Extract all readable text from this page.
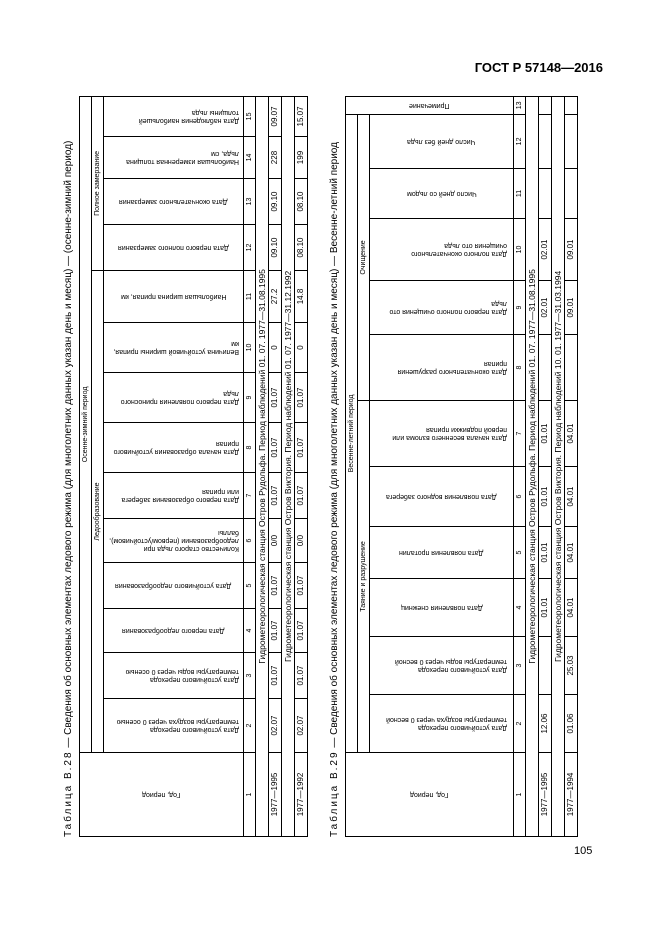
ГОСТ Р 57148—2016
Таблица В.28 — Сведения об основных элементах ледового режима (для многолетних данных указан день и месяц) — (осенне-зимний период)
Год, период	Осенне-зимний период													
	Ледообразование										Полное замерзание			

	Дата устойчивого перехода температуры воздуха через 0 осенью	Дата устойчивого перехода температуры воды через 0 осенью	Дата первого ледообразования	Дата устойчивого ледообразования	Количество старого льда при ледообразовании (первом/устойчивом), баллы	Дата первого образования заберега или припая	Дата начала образования устойчивого припая	Дата первого появления приносного льда	Величина устойчивой ширины припая, км	Наибольшая ширина припая, км	Дата первого полного замерзания	Дата окончательного замерзания	Наибольшая измеренная толщина льда, см	Дата наблюдения наибольшей толщины льда

1	2	3	4	5	6	7	8	9	10	11	12	13	14	15
Гидрометеорологическая станция Остров Рудольфа. Период наблюдений 01. 07. 1977—31.08.1995														
1977—1995	02.07	01.07	01.07	01.07	0/0	01.07	01.07	01.07	0	27.2	09.10	09.10	228	09.07
Гидрометеорологическая станция Остров Виктория. Период наблюдений 01. 07. 1977—31.12.1992														
1977—1992	02.07	01.07	01.07	01.07	0/0	01.07	01.07	01.07	0	14.8	08.10	08.10	199	15.07
Таблица В.29 — Сведения об основных элементах ледового режима (для многолетних данных указан день и месяц) — Весенне-летний период
Год, период	Весенне-летний период											Примечание

	Таяние и разрушение						Очищение					

	Дата устойчивого перехода температуры воздуха через 0 весной	Дата устойчивого перехода температуры воды через 0 весной	Дата появления снежниц	Дата появления проталин	Дата появления водного заберега	Дата начала весеннего взлома или первой подвижки припая	Дата окончательного разрушения припая	Дата первого полного очищения ото льда	Дата полного окончательного очищения ото льда	Число дней со льдом	Число дней без льда	

1	2	3	4	5	6	7	8	9	10	11	12	13
Гидрометеорологическая станция Остров Рудольфа. Период наблюдений 01. 07. 1977—31.08.1995												
1977—1995	12.06		01.01	01.01	01.01	01.01		02.01	02.01			
Гидрометеорологическая станция Остров Виктория. Период наблюдений 10. 01. 1977—31.03.1994												
1977—1994	01.06	25.03	04.01	04.01	04.01	04.01		09.01	09.01			
105
